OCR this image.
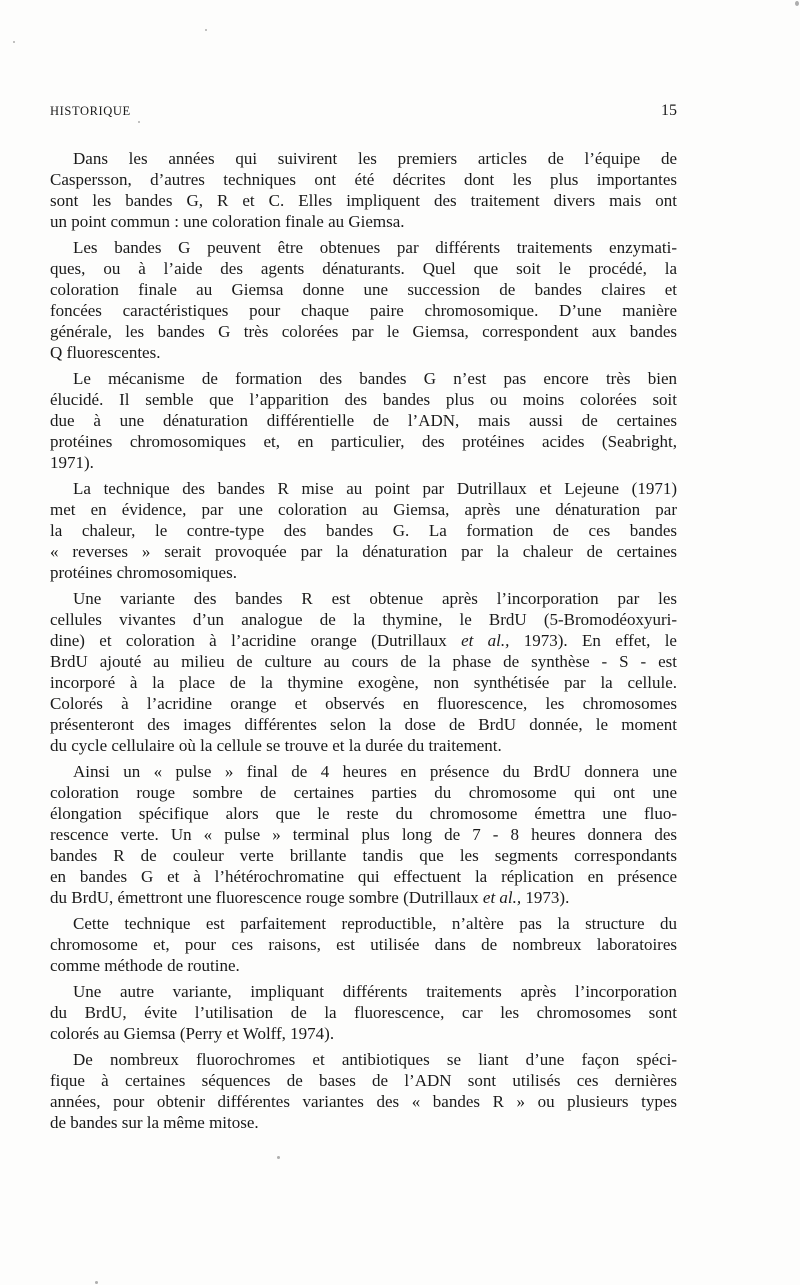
HISTORIQUE	15

Dans les années qui suivirent les premiers articles de l’équipe de
Caspersson, d’autres techniques ont été décrites dont les plus importantes
sont les bandes G, R et C. Elles impliquent des traitement divers mais ont
un point commun : une coloration finale au Giemsa.

Les bandes G peuvent être obtenues par différents traitements enzymati-
ques, ou à l’aide des agents dénaturants. Quel que soit le procédé, la
coloration finale au Giemsa donne une succession de bandes claires et
foncées caractéristiques pour chaque paire chromosomique. D’une manière
générale, les bandes G très colorées par le Giemsa, correspondent aux bandes
Q fluorescentes.

Le mécanisme de formation des bandes G n’est pas encore très bien
élucidé. Il semble que l’apparition des bandes plus ou moins colorées soit
due à une dénaturation différentielle de l’ADN, mais aussi de certaines
protéines chromosomiques et, en particulier, des protéines acides (Seabright,
1971).

La technique des bandes R mise au point par Dutrillaux et Lejeune (1971)
met en évidence, par une coloration au Giemsa, après une dénaturation par
la chaleur, le contre-type des bandes G. La formation de ces bandes
« reverses » serait provoquée par la dénaturation par la chaleur de certaines
protéines chromosomiques.

Une variante des bandes R est obtenue après l’incorporation par les
cellules vivantes d’un analogue de la thymine, le BrdU (5-Bromodéoxyuri-
dine) et coloration à l’acridine orange (Dutrillaux et al., 1973). En effet, le
BrdU ajouté au milieu de culture au cours de la phase de synthèse - S - est
incorporé à la place de la thymine exogène, non synthétisée par la cellule.
Colorés à l’acridine orange et observés en fluorescence, les chromosomes
présenteront des images différentes selon la dose de BrdU donnée, le moment
du cycle cellulaire où la cellule se trouve et la durée du traitement.

Ainsi un « pulse » final de 4 heures en présence du BrdU donnera une
coloration rouge sombre de certaines parties du chromosome qui ont une
élongation spécifique alors que le reste du chromosome émettra une fluo-
rescence verte. Un « pulse » terminal plus long de 7 - 8 heures donnera des
bandes R de couleur verte brillante tandis que les segments correspondants
en bandes G et à l’hétérochromatine qui effectuent la réplication en présence
du BrdU, émettront une fluorescence rouge sombre (Dutrillaux et al., 1973).

Cette technique est parfaitement reproductible, n’altère pas la structure du
chromosome et, pour ces raisons, est utilisée dans de nombreux laboratoires
comme méthode de routine.

Une autre variante, impliquant différents traitements après l’incorporation
du BrdU, évite l’utilisation de la fluorescence, car les chromosomes sont
colorés au Giemsa (Perry et Wolff, 1974).

De nombreux fluorochromes et antibiotiques se liant d’une façon spéci-
fique à certaines séquences de bases de l’ADN sont utilisés ces dernières
années, pour obtenir différentes variantes des « bandes R » ou plusieurs types
de bandes sur la même mitose.
